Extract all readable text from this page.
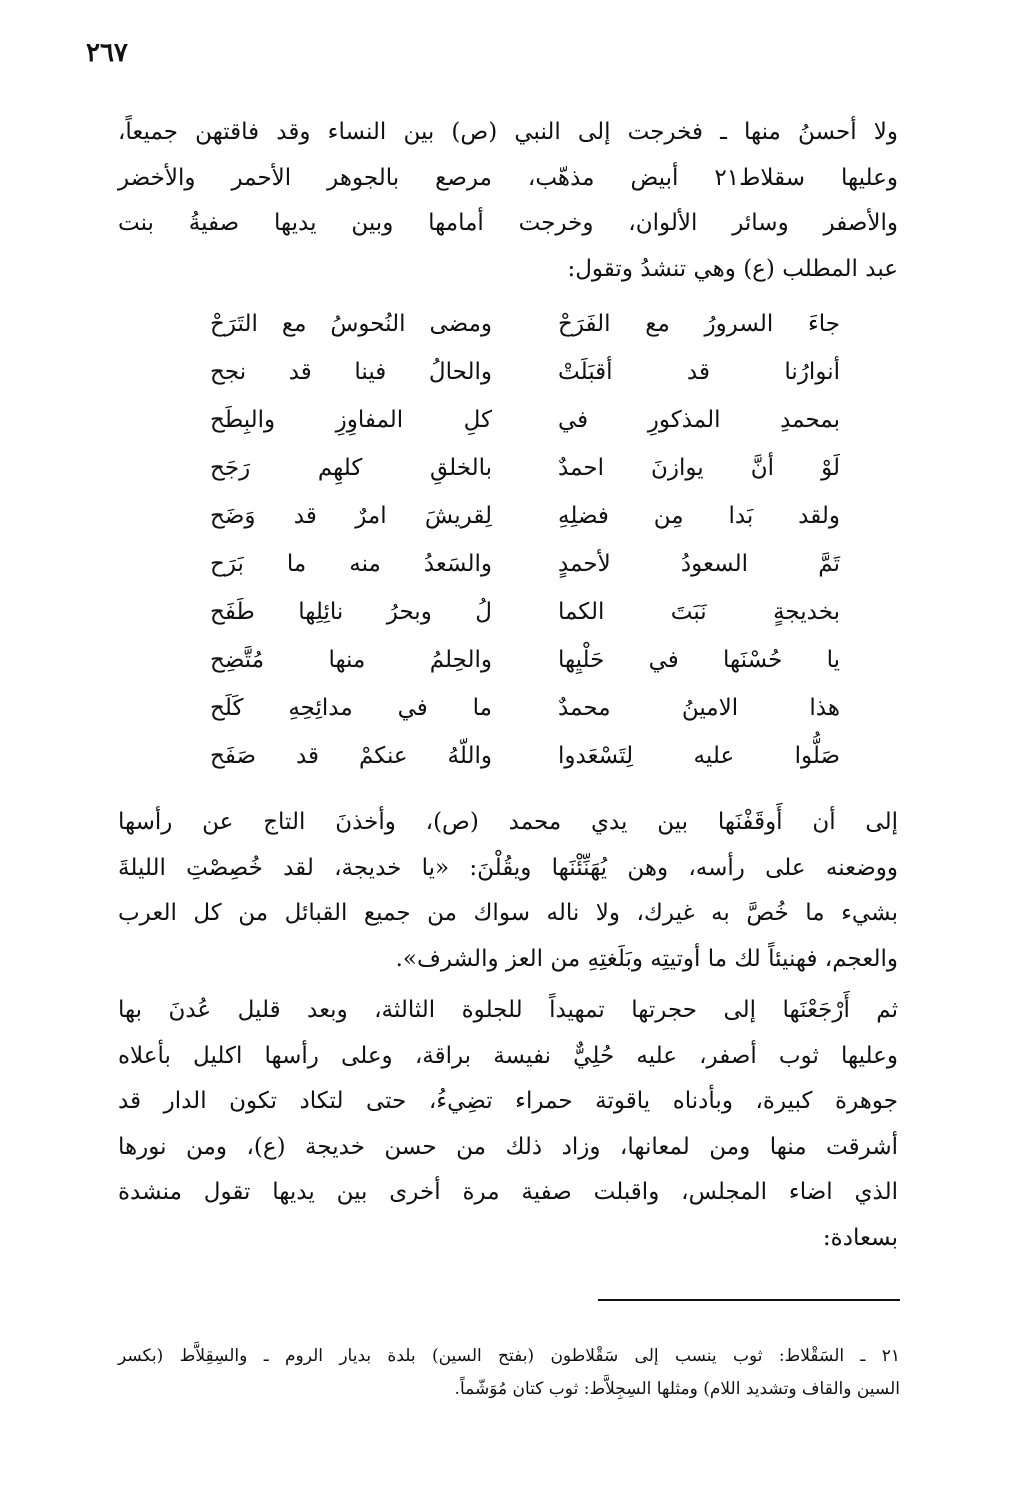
٢٦٧

ولا أحسنُ منها ـ فخرجت إلى النبي (ص) بين النساء وقد فاقتهن جميعاً،
وعليها سقلاط٢١ أبيض مذهّب، مرصع بالجوهر الأحمر والأخضر
والأصفر وسائر الألوان، وخرجت أمامها وبين يديها صفيةُ بنت
عبد المطلب (ع) وهي تنشدُ وتقول:
جاءَ السرورُ مع الفَرَحْ
ومضى النُحوسُ مع التَرَحْ
أنوارُنا قد أقبَلَتْ
والحالُ فينا قد نجح
بمحمدِ المذكورِ في
كلِ المفاوِزِ والبِطَح
لَوْ أنَّ يوازنَ احمدٌ
بالخلقِ كلهِم رَجَح
ولقد بَدا مِن فضلِهِ
لِقريشَ امرٌ قد وَضَح
تَمَّ السعودُ لأحمدٍ
والسَعدُ منه ما بَرَح
بخديجةٍ نَبَتَ الكما
لُ وبحرُ نائِلِها طَفَح
يا حُسْنَها في حَلْيِها
والحِلمُ منها مُتَّضِح
هذا الامينُ محمدٌ
ما في مدائِحِهِ كَلَح
صَلُّوا عليه لِتَسْعَدوا
واللّهُ عنكمْ قد صَفَح
إلى أن أَوقَفْنَها بين يدي محمد (ص)، وأخذنَ التاج عن رأسها
ووضعنه على رأسه، وهن يُهَنِّئْنَها ويقُلْنَ: «يا خديجة، لقد خُصِصْتِ الليلةَ
بشيء ما خُصَّ به غيرك، ولا ناله سواك من جميع القبائل من كل العرب
والعجم، فهنيئاً لك ما أوتيتِه وبَلَغتِهِ من العز والشرف».
ثم أَرْجَعْنَها إلى حجرتها تمهيداً للجلوة الثالثة، وبعد قليل عُدنَ بها
وعليها ثوب أصفر، عليه حُلِيٌّ نفيسة براقة، وعلى رأسها اكليل بأعلاه
جوهرة كبيرة، وبأدناه ياقوتة حمراء تضِيءُ، حتى لتكاد تكون الدار قد
أشرقت منها ومن لمعانها، وزاد ذلك من حسن خديجة (ع)، ومن نورها
الذي اضاء المجلس، واقبلت صفية مرة أخرى بين يديها تقول منشدة
بسعادة:
٢١ ـ السَقْلاط: ثوب ينسب إلى سَقْلاطون (بفتح السين) بلدة بديار الروم ـ والسِقِلاَّط (بكسر
السين والقاف وتشديد اللام) ومثلها السِجِلاَّط: ثوب كتان مُوَشّماً.
